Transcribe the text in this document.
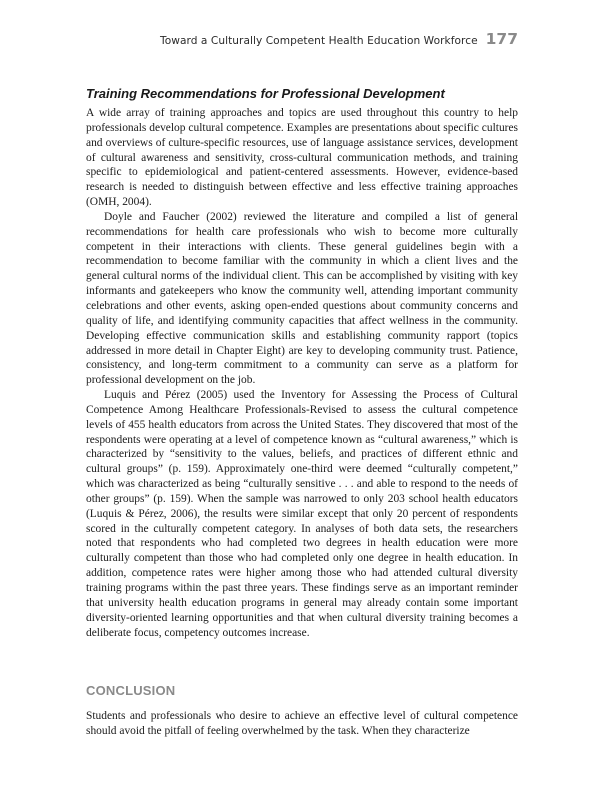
Toward a Culturally Competent Health Education Workforce 177
Training Recommendations for Professional Development

A wide array of training approaches and topics are used throughout this country to help professionals develop cultural competence. Examples are presentations about specific cultures and overviews of culture-specific resources, use of language assistance services, development of cultural awareness and sensitivity, cross-cultural communication methods, and training specific to epidemiological and patient-centered assessments. However, evidence-based research is needed to distinguish between effective and less effective training approaches (OMH, 2004).

Doyle and Faucher (2002) reviewed the literature and compiled a list of general recommendations for health care professionals who wish to become more culturally competent in their interactions with clients. These general guidelines begin with a recommendation to become familiar with the community in which a client lives and the general cultural norms of the individual client. This can be accomplished by visiting with key informants and gatekeepers who know the community well, attending important community celebrations and other events, asking open-ended questions about community concerns and quality of life, and identifying community capacities that affect wellness in the community. Developing effective communication skills and establishing community rapport (topics addressed in more detail in Chapter Eight) are key to developing community trust. Patience, consistency, and long-term commitment to a community can serve as a platform for professional development on the job.

Luquis and Pérez (2005) used the Inventory for Assessing the Process of Cultural Competence Among Healthcare Professionals-Revised to assess the cultural competence levels of 455 health educators from across the United States. They discovered that most of the respondents were operating at a level of competence known as “cultural awareness,” which is characterized by “sensitivity to the values, beliefs, and practices of different ethnic and cultural groups” (p. 159). Approximately one-third were deemed “culturally competent,” which was characterized as being “culturally sensitive . . . and able to respond to the needs of other groups” (p. 159). When the sample was narrowed to only 203 school health educators (Luquis & Pérez, 2006), the results were similar except that only 20 percent of respondents scored in the culturally competent category. In analyses of both data sets, the researchers noted that respondents who had completed two degrees in health education were more culturally competent than those who had completed only one degree in health education. In addition, competence rates were higher among those who had attended cultural diversity training programs within the past three years. These findings serve as an important reminder that university health education programs in general may already contain some important diversity-oriented learning opportunities and that when cultural diversity training becomes a deliberate focus, competency outcomes increase.

CONCLUSION

Students and professionals who desire to achieve an effective level of cultural competence should avoid the pitfall of feeling overwhelmed by the task. When they characterize
